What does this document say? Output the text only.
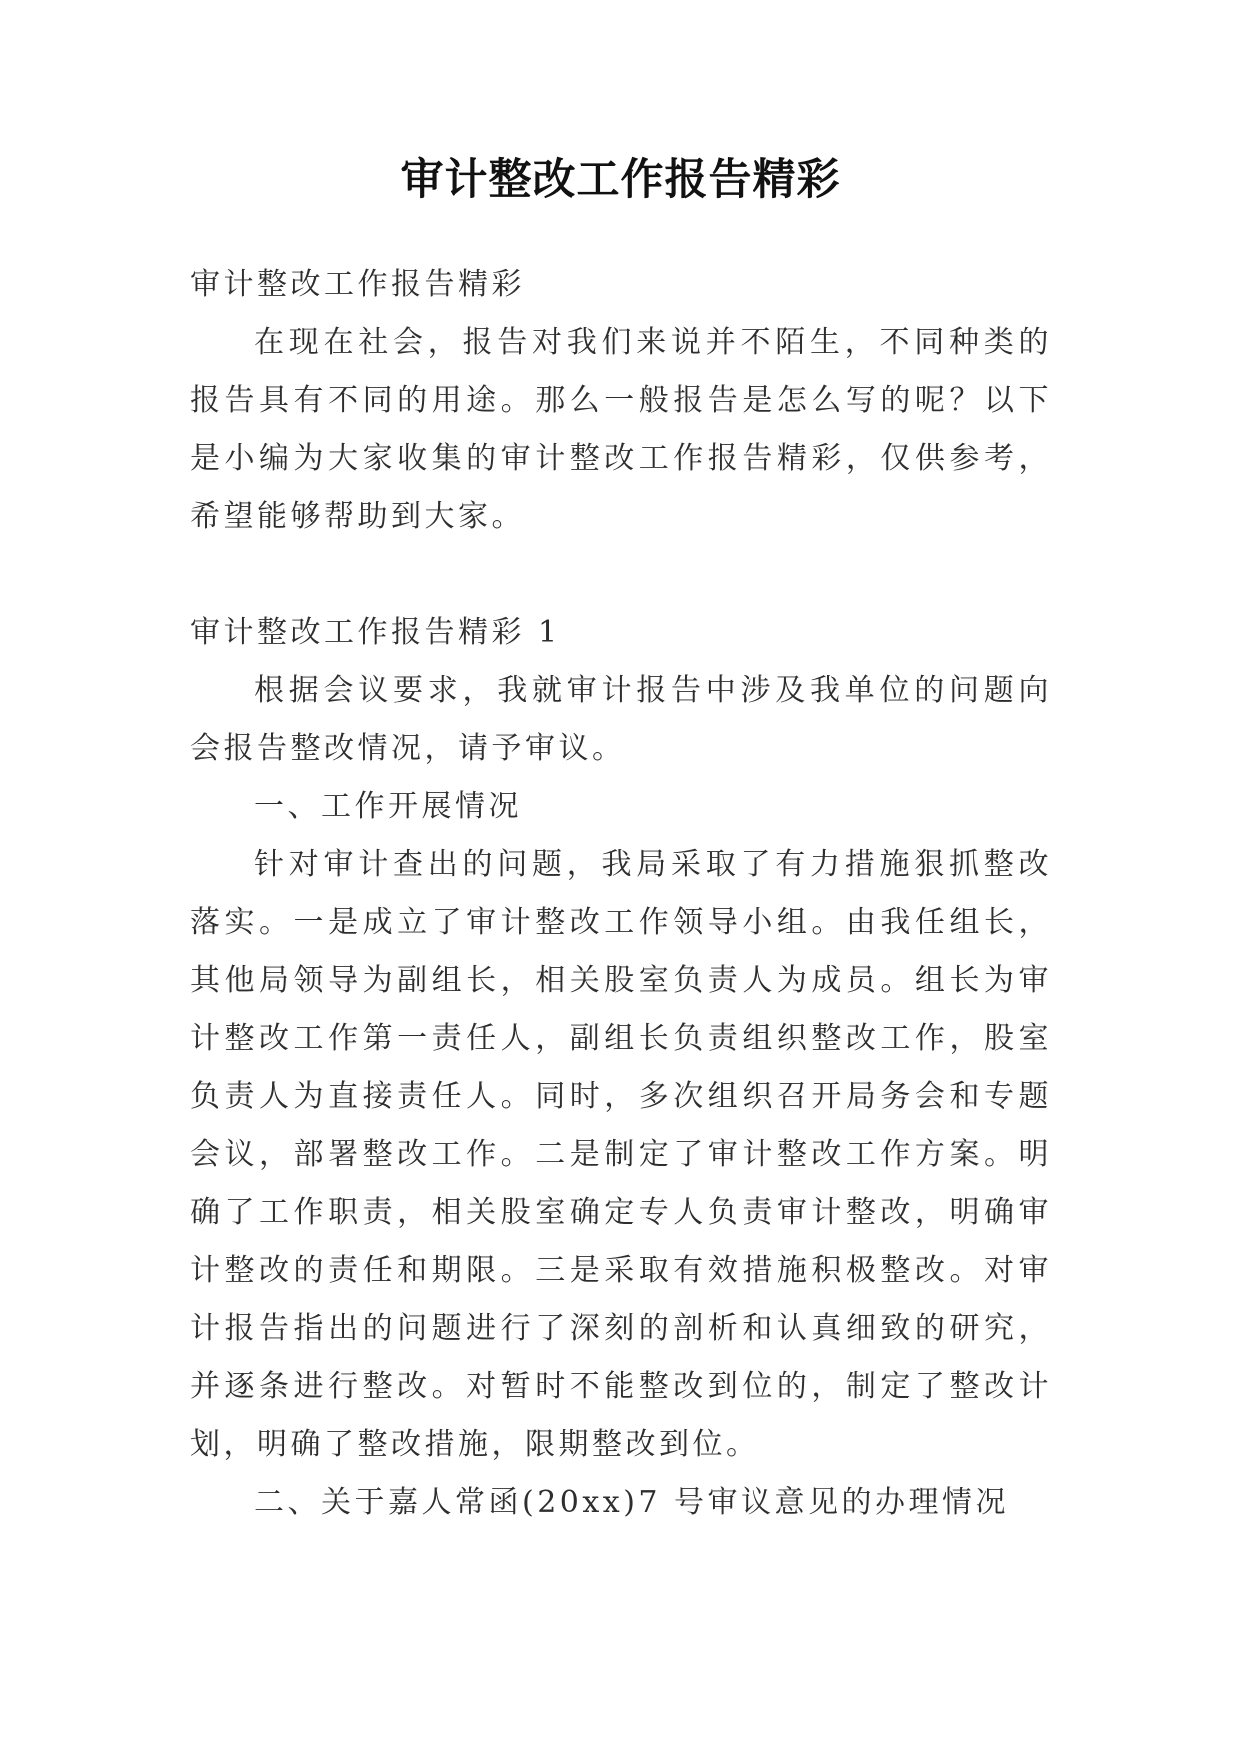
审计整改工作报告精彩

审计整改工作报告精彩

在现在社会，报告对我们来说并不陌生，不同种类的报告具有不同的用途。那么一般报告是怎么写的呢？以下是小编为大家收集的审计整改工作报告精彩，仅供参考，希望能够帮助到大家。

审计整改工作报告精彩 1

根据会议要求，我就审计报告中涉及我单位的问题向会报告整改情况，请予审议。

一、工作开展情况

针对审计查出的问题，我局采取了有力措施狠抓整改落实。一是成立了审计整改工作领导小组。由我任组长，其他局领导为副组长，相关股室负责人为成员。组长为审计整改工作第一责任人，副组长负责组织整改工作，股室负责人为直接责任人。同时，多次组织召开局务会和专题会议，部署整改工作。二是制定了审计整改工作方案。明确了工作职责，相关股室确定专人负责审计整改，明确审计整改的责任和期限。三是采取有效措施积极整改。对审计报告指出的问题进行了深刻的剖析和认真细致的研究，并逐条进行整改。对暂时不能整改到位的，制定了整改计划，明确了整改措施，限期整改到位。

二、关于嘉人常函(20xx)7 号审议意见的办理情况
